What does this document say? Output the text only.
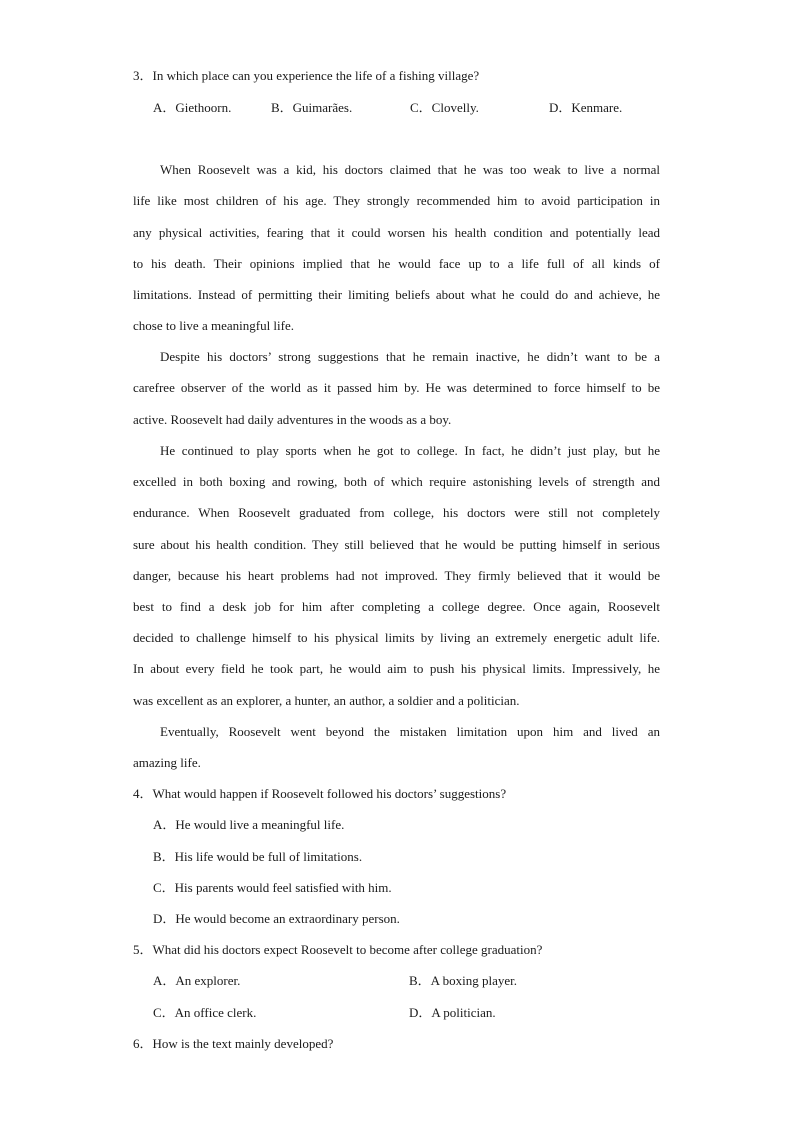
3．In which place can you experience the life of a fishing village?
A．Giethoorn.	B．Guimarães.	C．Clovelly.	D．Kenmare.
When Roosevelt was a kid, his doctors claimed that he was too weak to live a normal
life like most children of his age. They strongly recommended him to avoid participation in
any physical activities, fearing that it could worsen his health condition and potentially lead
to his death. Their opinions implied that he would face up to a life full of all kinds of
limitations. Instead of permitting their limiting beliefs about what he could do and achieve, he
chose to live a meaningful life.
Despite his doctors’ strong suggestions that he remain inactive, he didn’t want to be a
carefree observer of the world as it passed him by. He was determined to force himself to be
active. Roosevelt had daily adventures in the woods as a boy.
He continued to play sports when he got to college. In fact, he didn’t just play, but he
excelled in both boxing and rowing, both of which require astonishing levels of strength and
endurance. When Roosevelt graduated from college, his doctors were still not completely
sure about his health condition. They still believed that he would be putting himself in serious
danger, because his heart problems had not improved. They firmly believed that it would be
best to find a desk job for him after completing a college degree. Once again, Roosevelt
decided to challenge himself to his physical limits by living an extremely energetic adult life.
In about every field he took part, he would aim to push his physical limits. Impressively, he
was excellent as an explorer, a hunter, an author, a soldier and a politician.
Eventually, Roosevelt went beyond the mistaken limitation upon him and lived an
amazing life.
4．What would happen if Roosevelt followed his doctors’ suggestions?
A．He would live a meaningful life.
B．His life would be full of limitations.
C．His parents would feel satisfied with him.
D．He would become an extraordinary person.
5．What did his doctors expect Roosevelt to become after college graduation?
A．An explorer.	B．A boxing player.
C．An office clerk.	D．A politician.
6．How is the text mainly developed?
